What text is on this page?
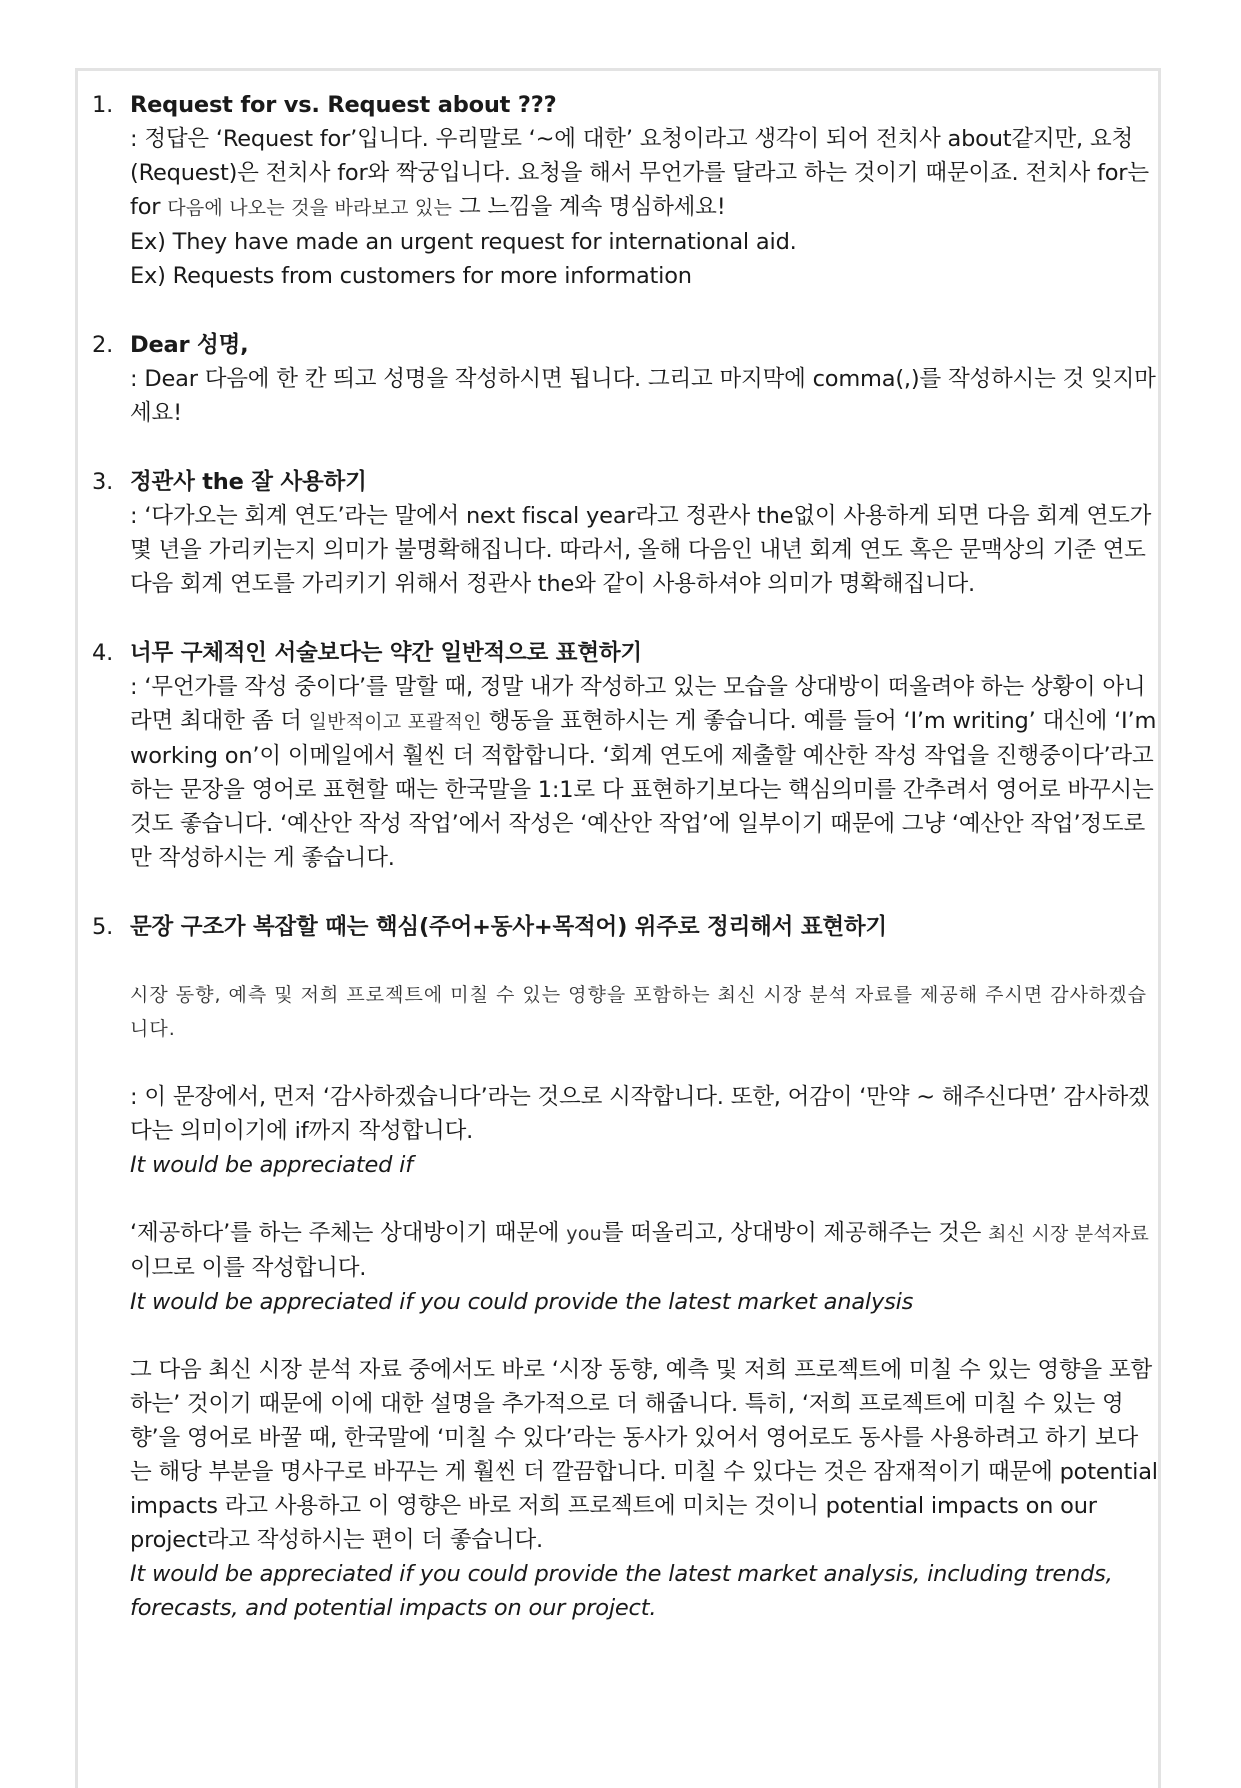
1. Request for vs. Request about ???

: 정답은 ‘Request for’입니다. 우리말로 ‘~에 대한’ 요청이라고 생각이 되어 전치사 about같지만, 요청(Request)은 전치사 for와 짝궁입니다. 요청을 해서 무언가를 달라고 하는 것이기 때문이죠. 전치사 for는 for 다음에 나오는 것을 바라보고 있는 그 느낌을 계속 명심하세요!

Ex) They have made an urgent request for international aid.

Ex) Requests from customers for more information

2. Dear 성명,

: Dear 다음에 한 칸 띄고 성명을 작성하시면 됩니다. 그리고 마지막에 comma(,)를 작성하시는 것 잊지마세요!

3. 정관사 the 잘 사용하기

: ‘다가오는 회계 연도’라는 말에서 next fiscal year라고 정관사 the없이 사용하게 되면 다음 회계 연도가 몇 년을 가리키는지 의미가 불명확해집니다. 따라서, 올해 다음인 내년 회계 연도 혹은 문맥상의 기준 연도 다음 회계 연도를 가리키기 위해서 정관사 the와 같이 사용하셔야 의미가 명확해집니다.

4. 너무 구체적인 서술보다는 약간 일반적으로 표현하기

: ‘무언가를 작성 중이다’를 말할 때, 정말 내가 작성하고 있는 모습을 상대방이 떠올려야 하는 상황이 아니라면 최대한 좀 더 일반적이고 포괄적인 행동을 표현하시는 게 좋습니다. 예를 들어 ‘I’m writing’ 대신에 ‘I’m working on’이 이메일에서 훨씬 더 적합합니다. ‘회계 연도에 제출할 예산한 작성 작업을 진행중이다’라고 하는 문장을 영어로 표현할 때는 한국말을 1:1로 다 표현하기보다는 핵심의미를 간추려서 영어로 바꾸시는 것도 좋습니다. ‘예산안 작성 작업’에서 작성은 ‘예산안 작업’에 일부이기 때문에 그냥 ‘예산안 작업’정도로만 작성하시는 게 좋습니다.

5. 문장 구조가 복잡할 때는 핵심(주어+동사+목적어) 위주로 정리해서 표현하기

시장 동향, 예측 및 저희 프로젝트에 미칠 수 있는 영향을 포함하는 최신 시장 분석 자료를 제공해 주시면 감사하겠습니다.

: 이 문장에서, 먼저 ‘감사하겠습니다’라는 것으로 시작합니다. 또한, 어감이 ‘만약 ~ 해주신다면’ 감사하겠다는 의미이기에 if까지 작성합니다.

It would be appreciated if

‘제공하다’를 하는 주체는 상대방이기 때문에 you를 떠올리고, 상대방이 제공해주는 것은 최신 시장 분석자료 이므로 이를 작성합니다.

It would be appreciated if you could provide the latest market analysis

그 다음 최신 시장 분석 자료 중에서도 바로 ‘시장 동향, 예측 및 저희 프로젝트에 미칠 수 있는 영향을 포함하는’ 것이기 때문에 이에 대한 설명을 추가적으로 더 해줍니다. 특히, ‘저희 프로젝트에 미칠 수 있는 영향’을 영어로 바꿀 때, 한국말에 ‘미칠 수 있다’라는 동사가 있어서 영어로도 동사를 사용하려고 하기 보다는 해당 부분을 명사구로 바꾸는 게 훨씬 더 깔끔합니다. 미칠 수 있다는 것은 잠재적이기 때문에 potential impacts 라고 사용하고 이 영향은 바로 저희 프로젝트에 미치는 것이니 potential impacts on our project라고 작성하시는 편이 더 좋습니다.

It would be appreciated if you could provide the latest market analysis, including trends, forecasts, and potential impacts on our project.
